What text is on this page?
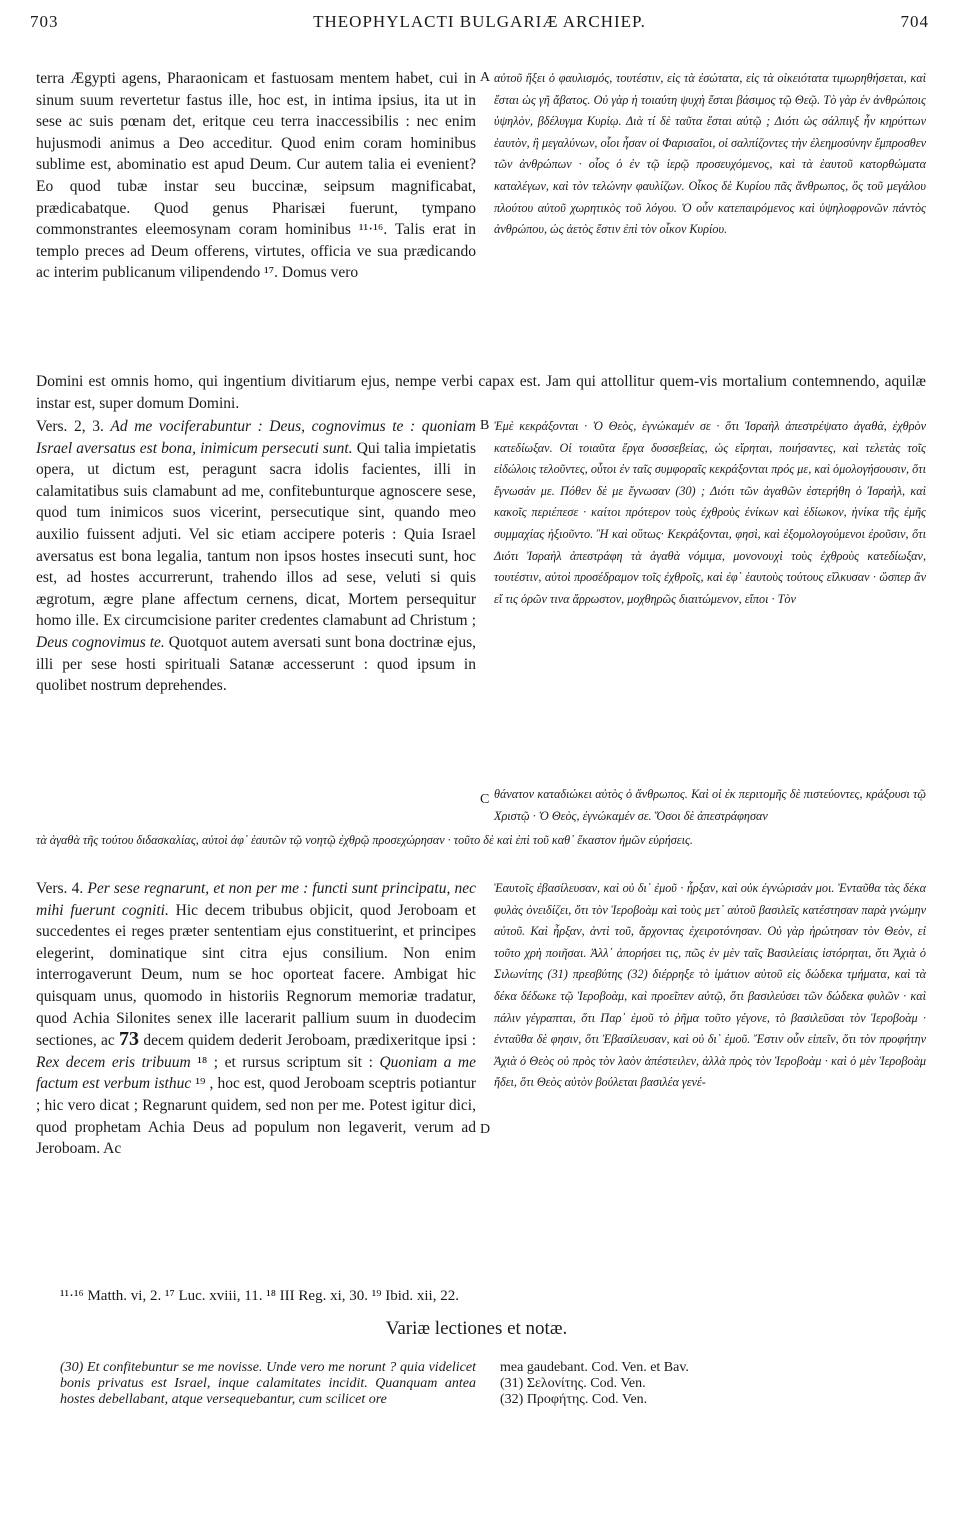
703	THEOPHYLACTI BULGARIÆ ARCHIEP.	704
terra Ægypti agens, Pharaonicam et fastuosam mentem habet, cui in sinum suum revertetur fastus ille, hoc est, in intima ipsius, ita ut in sese ac suis pœnam det, eritque ceu terra inaccessibilis : nec enim hujusmodi animus a Deo acceditur. Quod enim coram hominibus sublime est, abominatio est apud Deum. Cur autem talia ei evenient? Eo quod tubæ instar seu buccinæ, seipsum magnificabat, prædicabatque. Quod genus Pharisæi fuerunt, tympano commonstrantes eleemosynam coram hominibus ¹¹·¹⁶. Talis erat in templo preces ad Deum offerens, virtutes, officia ve sua prædicando ac interim publicanum vilipendendo ¹⁷. Domus vero
A αὐτοῦ ἥξει ὁ φαυλισμός, τουτέστιν, εἰς τὰ ἐσώτατα, εἰς τὰ οἰκειότατα τιμωρηθήσεται, καὶ ἔσται ὡς γῆ ἄβατος. Οὐ γὰρ ἡ τοιαύτη ψυχὴ ἔσται βάσιμος τῷ Θεῷ. Τὸ γὰρ ἐν ἀνθρώποις ὑψηλὸν, βδέλυγμα Κυρίῳ. Διὰ τί δὲ ταῦτα ἔσται αὐτῷ ; Διότι ὡς σάλπιγξ ἦν κηρύττων ἑαυτὸν, ἢ μεγαλύνων, οἷοι ἦσαν οἱ Φαρισαῖοι, οἱ σαλπίζοντες τὴν ἐλεημοσύνην ἔμπροσθεν τῶν ἀνθρώπων · οἷος ὁ ἐν τῷ ἱερῷ προσευχόμενος, καὶ τὰ ἑαυτοῦ κατορθώματα καταλέγων, καὶ τὸν τελώνην φαυλίζων. Οἶκος δὲ Κυρίου πᾶς ἄνθρωπος, ὃς τοῦ μεγάλου πλούτου αὐτοῦ χωρητικὸς τοῦ λόγου. Ὁ οὖν κατεπαιρόμενος καὶ ὑψηλοφρονῶν πάντὸς ἀνθρώπου, ὡς ἀετὸς ἔστιν ἐπὶ τὸν οἶκον Κυρίου.
Domini est omnis homo, qui ingentium divitiarum ejus, nempe verbi capax est. Jam qui attollitur quem-vis mortalium contemnendo, aquilæ instar est, super domum Domini.
Vers. 2, 3. Ad me vociferabuntur : Deus, cognovimus te : quoniam Israel aversatus est bona, inimicum persecuti sunt. Qui talia impietatis opera, ut dictum est, peragunt sacra idolis facientes, illi in calamitatibus suis clamabunt ad me, confitebunturque agnoscere sese, quod tum inimicos suos vicerint, persecutique sint, quando meo auxilio fuissent adjuti. Vel sic etiam accipere poteris : Quia Israel aversatus est bona legalia, tantum non ipsos hostes insecuti sunt, hoc est, ad hostes accurrerunt, trahendo illos ad sese, veluti si quis ægrotum, ægre plane affectum cernens, dicat, Mortem persequitur homo ille. Ex circumcisione pariter credentes clamabunt ad Christum ; Deus cognovimus te. Quotquot autem aversati sunt bona doctrinæ ejus, illi per sese hosti spirituali Satanæ accesserunt : quod ipsum in quolibet nostrum deprehendes.
B Ἐμὲ κεκράξονται · Ὁ Θεὸς, ἐγνώκαμέν σε · ὅτι Ἰσραὴλ ἀπεστρέψατο ἀγαθὰ, ἐχθρὸν κατεδίωξαν. Οἱ τοιαῦτα ἔργα δυσσεβείας, ὡς εἴρηται, ποιήσαντες, καὶ τελετὰς τοῖς εἰδώλοις τελοῦντες, οὗτοι ἐν ταῖς συμφοραῖς κεκράξονται πρός με, καὶ ὁμολογήσουσιν, ὅτι ἔγνωσάν με. Πόθεν δὲ με ἔγνωσαν (30) ; Διότι τῶν ἀγαθῶν ἐστερήθη ὁ Ἰσραὴλ, καὶ κακοῖς περιέπεσε · καίτοι πρότερον τοὺς ἐχθροὺς ἐνίκων καὶ ἐδίωκον, ἡνίκα τῆς ἐμῆς συμμαχίας ἠξιοῦντο. Ἢ καὶ οὕτως· Κεκράξονται, φησὶ, καὶ ἐξομολογούμενοι ἐροῦσιν, ὅτι Διότι Ἰσραὴλ ἀπεστράφη τὰ ἀγαθὰ νόμιμα, μονονουχὶ τοὺς ἐχθροὺς κατεδίωξαν, τουτέστιν, αὐτοὶ προσέδραμον τοῖς ἐχθροῖς, καὶ ἐφ᾽ ἑαυτοὺς τούτους εἵλκυσαν · ὥσπερ ἂν εἴ τις ὁρῶν τινα ἄρρωστον, μοχθηρῶς διαιτώμενον, εἴποι · Τὸν
C θάνατον καταδιώκει αὐτὸς ὁ ἄνθρωπος. Καὶ οἱ ἐκ περιτομῆς δὲ πιστεύοντες, κράξουσι τῷ Χριστῷ · Ὁ Θεὸς, ἐγνώκαμέν σε. Ὅσοι δὲ ἀπεστράφησαν
τὰ ἀγαθὰ τῆς τούτου διδασκαλίας, αὐτοὶ ἀφ᾽ ἑαυτῶν τῷ νοητῷ ἐχθρῷ προσεχώρησαν · τοῦτο δὲ καὶ ἐπὶ τοῦ καθ᾽ ἕκαστον ἡμῶν εὑρήσεις.
Vers. 4. Per sese regnarunt, et non per me : functi sunt principatu, nec mihi fuerunt cogniti. Hic decem tribubus objicit, quod Jeroboam et succedentes ei reges præter sententiam ejus constituerint, et principes elegerint, dominatique sint citra ejus consilium. Non enim interrogaverunt Deum, num se hoc oporteat facere. Ambigat hic quisquam unus, quomodo in historiis Regnorum memoriæ tradatur, quod Achia Silonites senex ille lacerarit pallium suum in duodecim sectiones, ac 73 decem quidem dederit Jeroboam, prædixeritque ipsi : Rex decem eris tribuum ¹⁸ ; et rursus scriptum sit : Quoniam a me factum est verbum isthuc ¹⁹ , hoc est, quod Jeroboam sceptris potiantur ; hic vero dicat ; Regnarunt quidem, sed non per me. Potest igitur dici, quod prophetam Achia Deus ad populum non legaverit, verum ad Jeroboam. Ac
D
Ἑαυτοῖς ἐβασίλευσαν, καὶ οὐ δι᾽ ἐμοῦ · ἦρξαν, καὶ οὐκ ἐγνώρισάν μοι. Ἐνταῦθα τὰς δέκα φυλὰς ὀνειδίζει, ὅτι τὸν Ἱεροβοὰμ καὶ τοὺς μετ᾽ αὐτοῦ βασιλεῖς κατέστησαν παρὰ γνώμην αὐτοῦ. Καὶ ἦρξαν, ἀντὶ τοῦ, ἄρχοντας ἐχειροτόνησαν. Οὐ γὰρ ἠρώτησαν τὸν Θεὸν, εἰ τοῦτο χρὴ ποιῆσαι. Ἀλλ᾽ ἀπορήσει τις, πῶς ἐν μὲν ταῖς Βασιλείαις ἱστόρηται, ὅτι Ἀχιὰ ὁ Σιλωνίτης (31) πρεσβύτης (32) διέρρηξε τὸ ἱμάτιον αὐτοῦ εἰς δώδεκα τμήματα, καὶ τὰ δέκα δέδωκε τῷ Ἱεροβοὰμ, καὶ προεῖπεν αὐτῷ, ὅτι βασιλεύσει τῶν δώδεκα φυλῶν · καὶ πάλιν γέγραπται, ὅτι Παρ᾽ ἐμοῦ τὸ ῥῆμα τοῦτο γέγονε, τὸ βασιλεῦσαι τὸν Ἱεροβοὰμ · ἐνταῦθα δὲ φησιν, ὅτι Ἐβασίλευσαν, καὶ οὐ δι᾽ ἐμοῦ. Ἔστιν οὖν εἰπεῖν, ὅτι τὸν προφήτην Ἀχιὰ ὁ Θεὸς οὐ πρὸς τὸν λαὸν ἀπέστειλεν, ἀλλὰ πρὸς τὸν Ἱεροβοὰμ · καὶ ὁ μὲν Ἱεροβοὰμ ἤδει, ὅτι Θεὸς αὐτὸν βούλεται βασιλέα γενέ-
¹¹·¹⁶ Matth. vi, 2. ¹⁷ Luc. xviii, 11. ¹⁸ III Reg. xi, 30. ¹⁹ Ibid. xii, 22.
Variæ lectiones et notæ.
(30) Et confitebuntur se me novisse. Unde vero me norunt ? quia videlicet bonis privatus est Israel, inque calamitates incidit. Quanquam antea hostes debellabant, atque versequebantur, cum scilicet ore
mea gaudebant. Cod. Ven. et Bav.
(31) Σελονίτης. Cod. Ven.
(32) Προφήτης. Cod. Ven.
